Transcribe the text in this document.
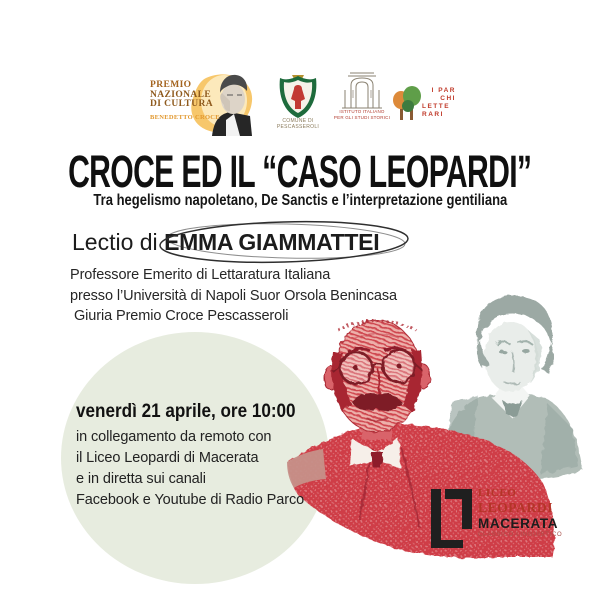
PREMIO
NAZIONALE
DI CULTURA
BENEDETTO CROCE
COMUNE DI PESCASSEROLI
ISTITUTO ITALIANO
PER GLI STUDI STORICI
I PAR
CHI
LETTE
RARI
CROCE ED IL “CASO LEOPARDI”
Tra hegelismo napoletano, De Sanctis e l’interpretazione gentiliana
Lectio di EMMA GIAMMATTEI
Professore Emerito di Lettaratura Italiana
presso l’Università di Napoli Suor Orsola Benincasa
Giuria Premio Croce Pescasseroli
venerdì 21 aprile, ore 10:00
in collegamento da remoto con
il Liceo Leopardi di Macerata
e in diretta sui canali
Facebook e Youtube di Radio Parco	LICEO
LEOPARDI
MACERATA
CLASSICO LINGUISTICO
